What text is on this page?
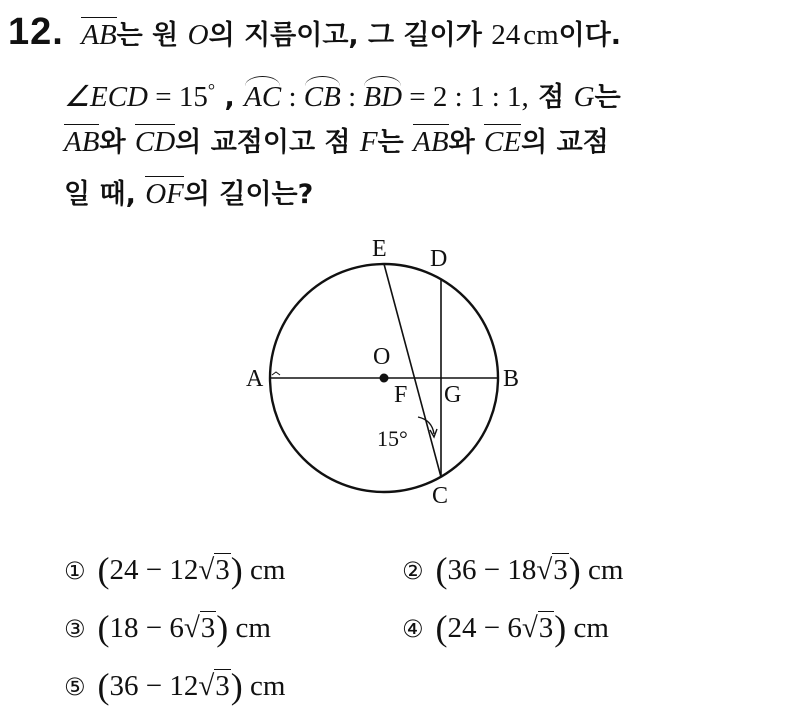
12. AB는 원 O의 지름이고, 그 길이가 24 cm이다.
∠ECD = 15° , AC : CB : BD = 2 : 1 : 1, 점 G는
AB와 CD의 교점이고 점 F는 AB와 CE의 교점
일 때, OF의 길이는?
E D
A	B
O
F G
C
15°
① (24 − 12√3) cm	② (36 − 18√3) cm
③ (18 − 6√3) cm	④ (24 − 6√3) cm
⑤ (36 − 12√3) cm
